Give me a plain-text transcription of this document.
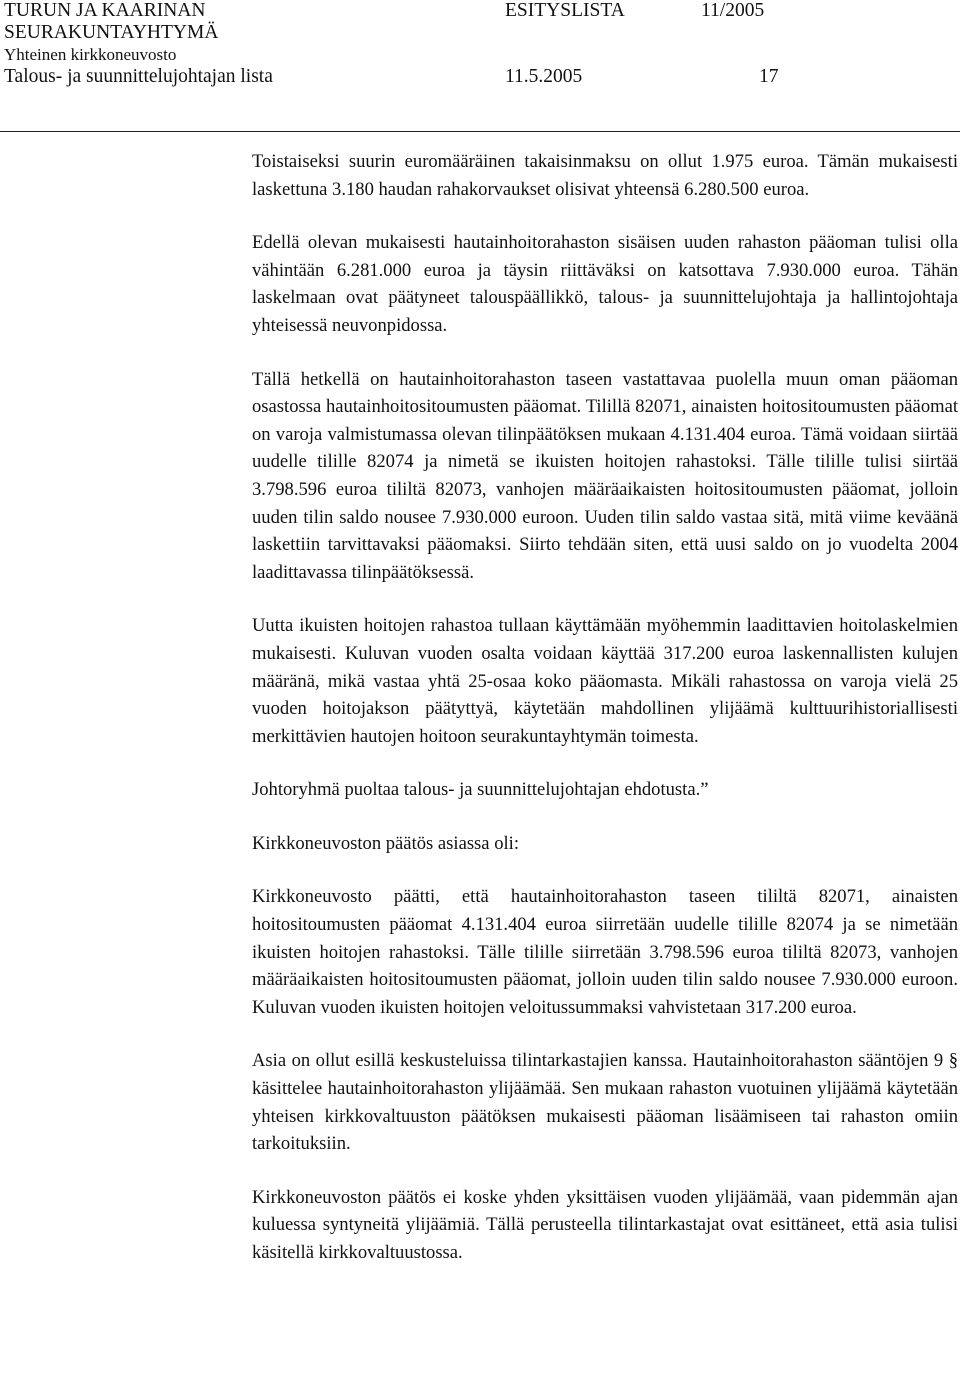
TURUN JA KAARINAN	ESITYSLISTA	11/2005
SEURAKUNTAYHTYMÄ
Yhteinen kirkkoneuvosto
Talous- ja suunnittelujohtajan lista	11.5.2005	17

Toistaiseksi suurin euromääräinen takaisinmaksu on ollut 1.975 euroa. Tämän mukaisesti laskettuna 3.180 haudan rahakorvaukset olisivat yhteensä 6.280.500 euroa.

Edellä olevan mukaisesti hautainhoitorahaston sisäisen uuden rahaston pääoman tulisi olla vähintään 6.281.000 euroa ja täysin riittäväksi on katsottava 7.930.000 euroa. Tähän laskelmaan ovat päätyneet talouspäällikkö, talous- ja suunnittelujohtaja ja hallintojohtaja yhteisessä neuvonpidossa.

Tällä hetkellä on hautainhoitorahaston taseen vastattavaa puolella muun oman pääoman osastossa hautainhoitositoumusten pääomat. Tilillä 82071, ainaisten hoitositoumusten pääomat on varoja valmistumassa olevan tilinpäätöksen mukaan 4.131.404 euroa. Tämä voidaan siirtää uudelle tilille 82074 ja nimetä se ikuisten hoitojen rahastoksi. Tälle tilille tulisi siirtää 3.798.596 euroa tililtä 82073, vanhojen määräaikaisten hoitositoumusten pääomat, jolloin uuden tilin saldo nousee 7.930.000 euroon. Uuden tilin saldo vastaa sitä, mitä viime keväänä laskettiin tarvittavaksi pääomaksi. Siirto tehdään siten, että uusi saldo on jo vuodelta 2004 laadittavassa tilinpäätöksessä.

Uutta ikuisten hoitojen rahastoa tullaan käyttämään myöhemmin laadittavien hoitolaskelmien mukaisesti. Kuluvan vuoden osalta voidaan käyttää 317.200 euroa laskennallisten kulujen määränä, mikä vastaa yhtä 25-osaa koko pääomasta. Mikäli rahastossa on varoja vielä 25 vuoden hoitojakson päätyttyä, käytetään mahdollinen ylijäämä kulttuurihistoriallisesti merkittävien hautojen hoitoon seurakuntayhtymän toimesta.

Johtoryhmä puoltaa talous- ja suunnittelujohtajan ehdotusta.”

Kirkkoneuvoston päätös asiassa oli:

Kirkkoneuvosto päätti, että hautainhoitorahaston taseen tililtä 82071, ainaisten hoitositoumusten pääomat 4.131.404 euroa siirretään uudelle tilille 82074 ja se nimetään ikuisten hoitojen rahastoksi. Tälle tilille siirretään 3.798.596 euroa tililtä 82073, vanhojen määräaikaisten hoitositoumusten pääomat, jolloin uuden tilin saldo nousee 7.930.000 euroon. Kuluvan vuoden ikuisten hoitojen veloitussummaksi vahvistetaan 317.200 euroa.

Asia on ollut esillä keskusteluissa tilintarkastajien kanssa. Hautainhoitorahaston sääntöjen 9 § käsittelee hautainhoitorahaston ylijäämää. Sen mukaan rahaston vuotuinen ylijäämä käytetään yhteisen kirkkovaltuuston päätöksen mukaisesti pääoman lisäämiseen tai rahaston omiin tarkoituksiin.

Kirkkoneuvoston päätös ei koske yhden yksittäisen vuoden ylijäämää, vaan pidemmän ajan kuluessa syntyneitä ylijäämiä. Tällä perusteella tilintarkastajat ovat esittäneet, että asia tulisi käsitellä kirkkovaltuustossa.
